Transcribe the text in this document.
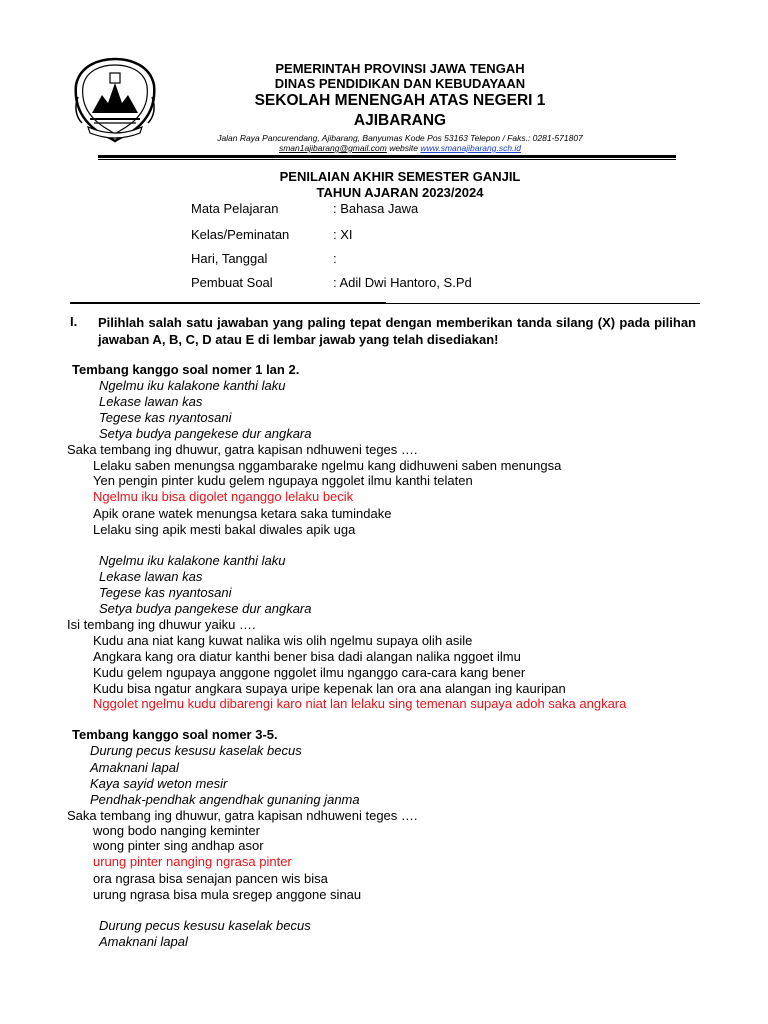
PEMERINTAH PROVINSI JAWA TENGAH
DINAS PENDIDIKAN DAN KEBUDAYAAN
SEKOLAH MENENGAH ATAS NEGERI 1
AJIBARANG
Jalan Raya Pancurendang, Ajibarang, Banyumas Kode Pos 53163 Telepon / Faks.: 0281-571807
sman1ajibarang@gmail.com website www.smanajibarang.sch.id
PENILAIAN AKHIR SEMESTER GANJIL
TAHUN AJARAN 2023/2024
Mata Pelajaran	: Bahasa Jawa
Kelas/Peminatan	: XI
Hari, Tanggal	:
Pembuat Soal	: Adil Dwi Hantoro, S.Pd
I. Pilihlah salah satu jawaban yang paling tepat dengan memberikan tanda silang (X) pada pilihan jawaban A, B, C, D atau E di lembar jawab yang telah disediakan!
Tembang kanggo soal nomer 1 lan 2.
Ngelmu iku kalakone kanthi laku
Lekase lawan kas
Tegese kas nyantosani
Setya budya pangekese dur angkara
Saka tembang ing dhuwur, gatra kapisan ndhuweni teges ….
Lelaku saben menungsa nggambarake ngelmu kang didhuweni saben menungsa
Yen pengin pinter kudu gelem ngupaya nggolet ilmu kanthi telaten
Ngelmu iku bisa digolet nganggo lelaku becik
Apik orane watek menungsa ketara saka tumindake
Lelaku sing apik mesti bakal diwales apik uga
Ngelmu iku kalakone kanthi laku
Lekase lawan kas
Tegese kas nyantosani
Setya budya pangekese dur angkara
Isi tembang ing dhuwur yaiku ….
Kudu ana niat kang kuwat nalika wis olih ngelmu supaya olih asile
Angkara kang ora diatur kanthi bener bisa dadi alangan nalika nggoet ilmu
Kudu gelem ngupaya anggone nggolet ilmu nganggo cara-cara kang bener
Kudu bisa ngatur angkara supaya uripe kepenak lan ora ana alangan ing kauripan
Nggolet ngelmu kudu dibarengi karo niat lan lelaku sing temenan supaya adoh saka angkara
Tembang kanggo soal nomer 3-5.
Durung pecus kesusu kaselak becus
Amaknani lapal
Kaya sayid weton mesir
Pendhak-pendhak angendhak gunaning janma
Saka tembang ing dhuwur, gatra kapisan ndhuweni teges ….
wong bodo nanging keminter
wong pinter sing andhap asor
urung pinter nanging ngrasa pinter
ora ngrasa bisa senajan pancen wis bisa
urung ngrasa bisa mula sregep anggone sinau
Durung pecus kesusu kaselak becus
Amaknani lapal
